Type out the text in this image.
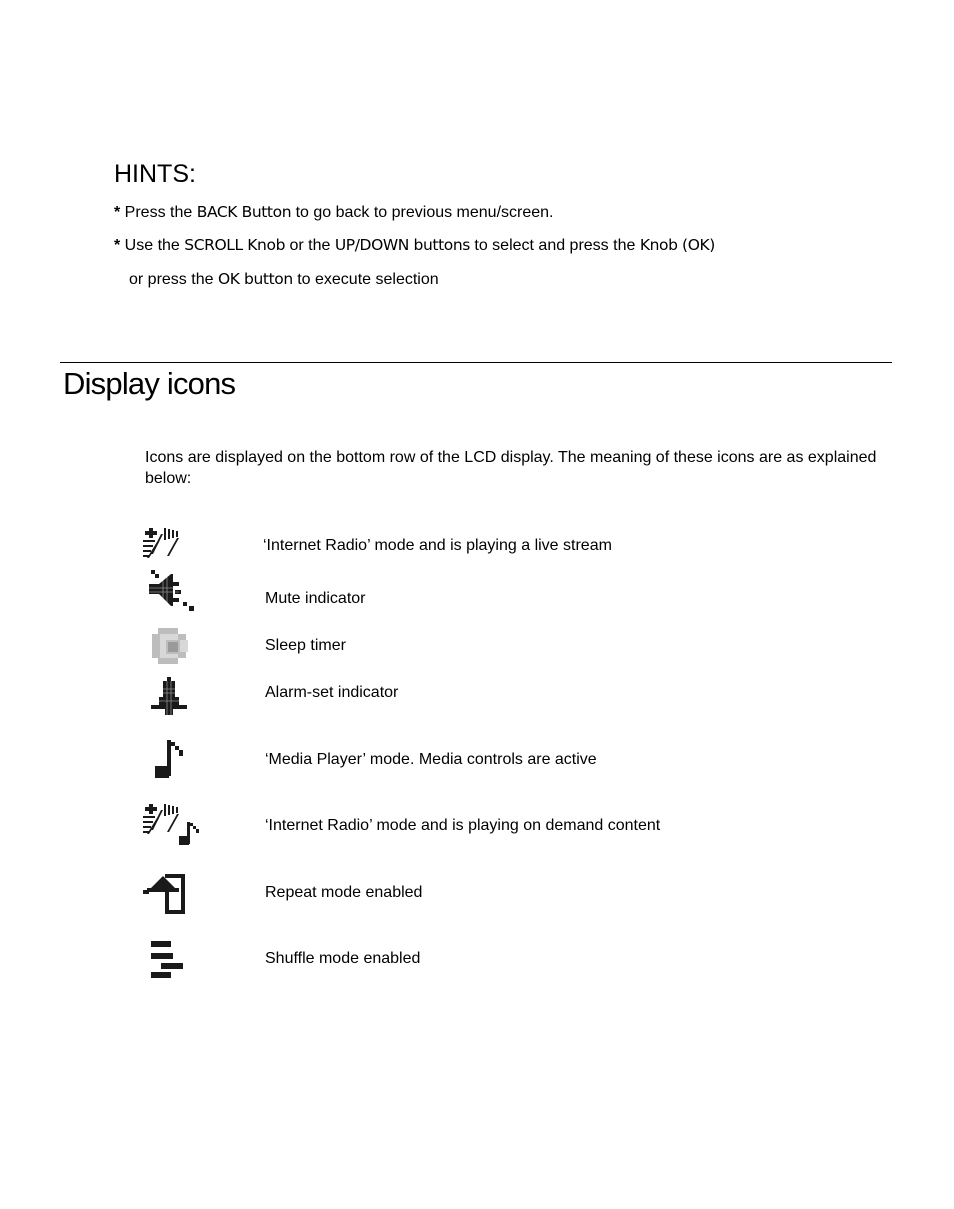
HINTS:
* Press the BACK Button to go back to previous menu/screen.
* Use the SCROLL Knob or the UP/DOWN buttons to select and press the Knob (OK)
or press the OK button to execute selection
Display icons
Icons are displayed on the bottom row of the LCD display. The meaning of these icons are as explained below:
‘Internet Radio’ mode and is playing a live stream
Mute indicator
Sleep timer
Alarm-set indicator
‘Media Player’ mode. Media controls are active
‘Internet Radio’ mode and is playing on demand content
Repeat mode enabled
Shuffle mode enabled
